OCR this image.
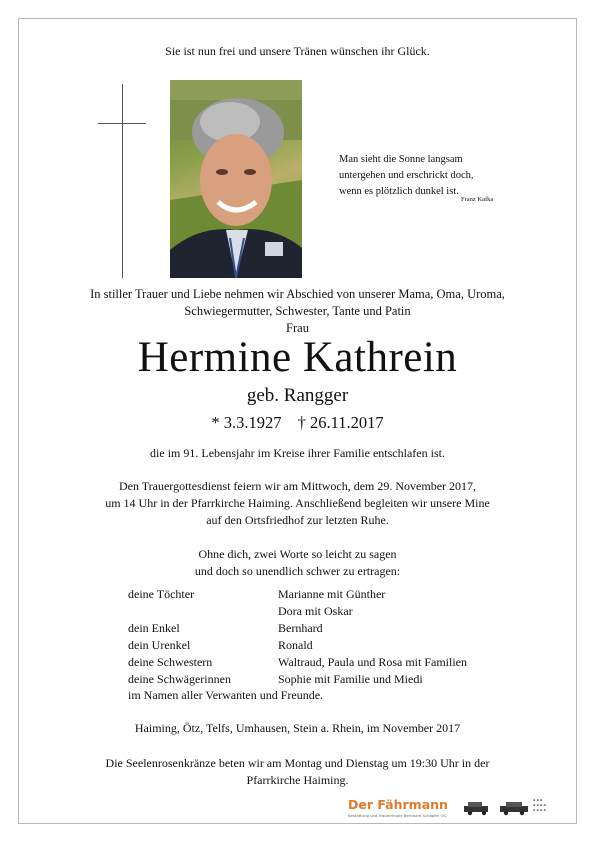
Sie ist nun frei und unsere Tränen wünschen ihr Glück.
Man sieht die Sonne langsam
untergehen und erschrickt doch,
wenn es plötzlich dunkel ist.
Franz Kafka
In stiller Trauer und Liebe nehmen wir Abschied von unserer Mama, Oma, Uroma,
Schwiegermutter, Schwester, Tante und Patin
Frau
Hermine Kathrein
geb. Rangger
* 3.3.1927 † 26.11.2017
die im 91. Lebensjahr im Kreise ihrer Familie entschlafen ist.
Den Trauergottesdienst feiern wir am Mittwoch, dem 29. November 2017,
um 14 Uhr in der Pfarrkirche Haiming. Anschließend begleiten wir unsere Mine
auf den Ortsfriedhof zur letzten Ruhe.
Ohne dich, zwei Worte so leicht zu sagen
und doch so unendlich schwer zu ertragen:
deine Töchter	Marianne mit Günther
Dora mit Oskar
dein Enkel	Bernhard
dein Urenkel	Ronald
deine Schwestern	Waltraud, Paula und Rosa mit Familien
deine Schwägerinnen	Sophie mit Familie und Miedi
im Namen aller Verwanten und Freunde.
Haiming, Ötz, Telfs, Umhausen, Stein a. Rhein, im November 2017
Die Seelenrosenkränze beten wir am Montag und Dienstag um 19:30 Uhr in der
Pfarrkirche Haiming.
Der Fährmann
Bestattung und Trauerrituale Bernhard Schöpfer OG
▪ ▪ ▪
▪ ▪ ▪ ▪
▪ ▪ ▪ ▪
